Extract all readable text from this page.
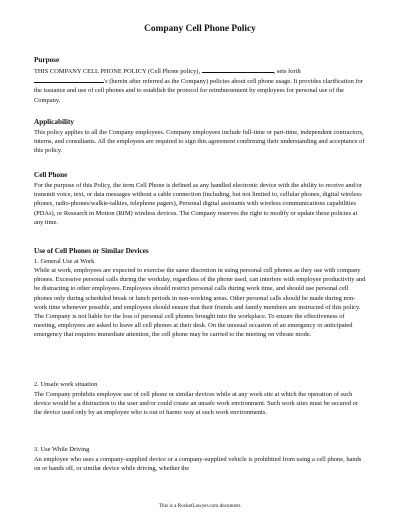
Company Cell Phone Policy
Purpose

THIS COMPANY CELL PHONE POLICY (Cell Phone policy),	, sets forth 's (herein after referred as the Company) policies about cell phone usage. It provides clarification for the issuance and use of cell phones and to establish the protocol for reimbursement by employees for personal use of the Company.

Applicability

This policy applies to all the Company employees. Company employees include full-time or part-time, independent contractors, interns, and consultants. All the employees are required to sign this agreement confirming their understanding and acceptance of this policy.

Cell Phone

For the purpose of this Policy, the term Cell Phone is defined as any handled electronic device with the ability to receive and/or transmit voice, text, or data messages without a cable connection (including, but not limited to, cellular phones, digital wireless phones, radio-phones/walkie-talkies, telephone pagers), Personal digital assistants with wireless communications capabilities (PDAs), or Research in Motion (RIM) wireless devices. The Company reserves the right to modify or update these policies at any time.

Use of Cell Phones or Similar Devices
1. General Use at Work

While at work, employees are expected to exercise the same discretion in using personal cell phones as they use with company phones. Excessive personal calls during the workday, regardless of the phone used, can interfere with employee productivity and be distracting to other employees. Employees should restrict personal calls during work time, and should use personal cell phones only during scheduled break or lunch periods in non-working areas. Other personal calls should be made during non-work time whenever possible, and employees should ensure that their friends and family members are instructed of this policy. The Company is not liable for the loss of personal cell phones brought into the workplace. To ensure the effectiveness of meeting, employees are asked to leave all cell phones at their desk. On the unusual occasion of an emergency or anticipated emergency that requires immediate attention, the cell phone may be carried to the meeting on vibrate mode.

2. Unsafe work situation

The Company prohibits employee use of cell phone or similar devices while at any work site at which the operation of such device would be a distraction to the user and/or could create an unsafe work environment. Such work sites must be secured or the device used only by an employee who is out of harms way at such work environments.

3. Use While Driving

An employee who uses a company-supplied device or a company-supplied vehicle is prohibited from using a cell phone, hands on or hands off, or similar device while driving, whether the

This is a RocketLawyer.com document.
